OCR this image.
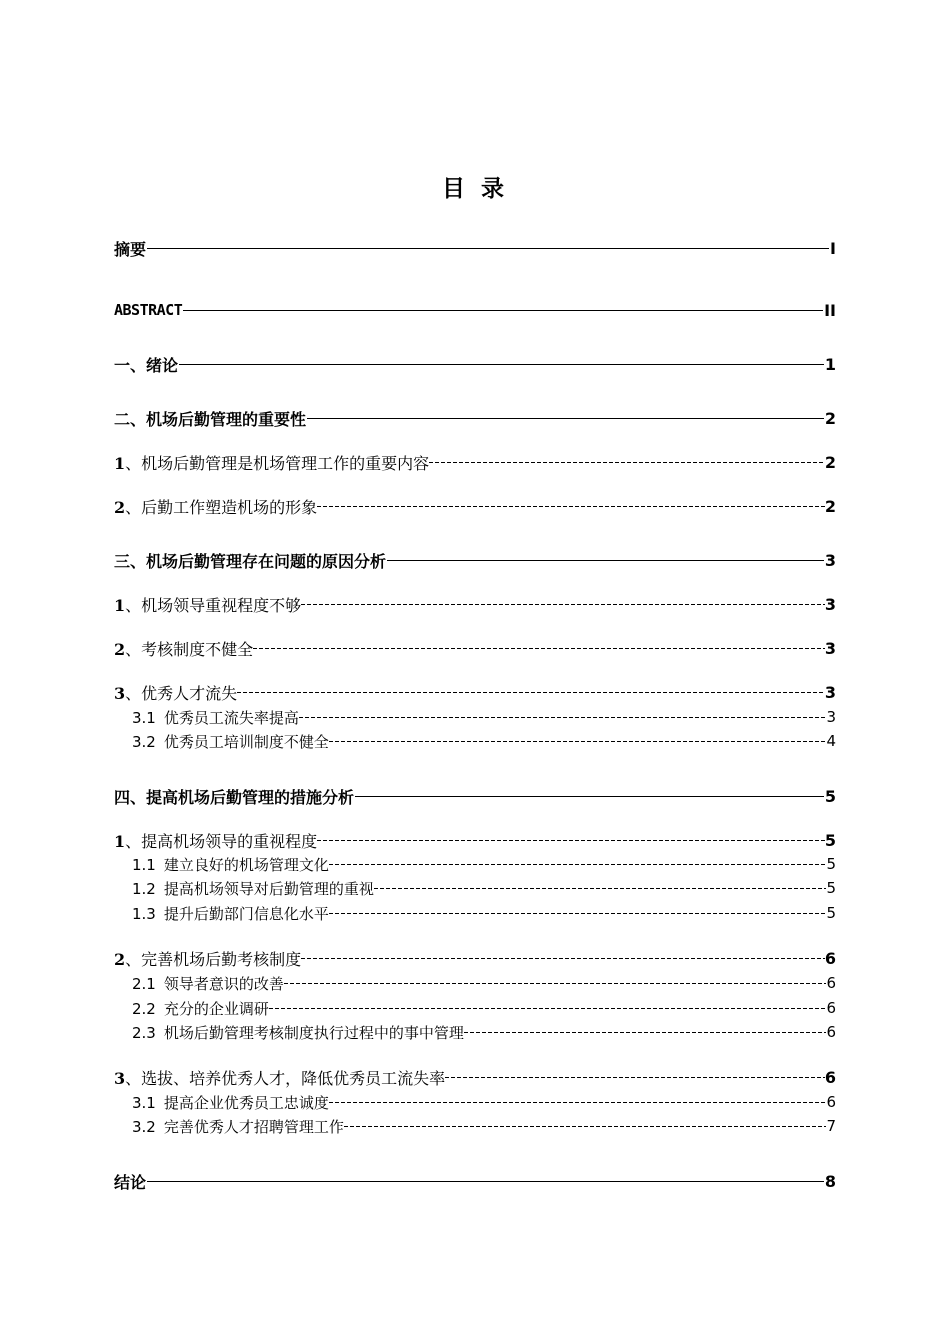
目 录
摘要	I
ABSTRACT	II
一、绪论	1
二、机场后勤管理的重要性	2
1、机场后勤管理是机场管理工作的重要内容	2
2、后勤工作塑造机场的形象	2
三、机场后勤管理存在问题的原因分析	3
1、机场领导重视程度不够	3
2、考核制度不健全	3
3、优秀人才流失	3
3.1 优秀员工流失率提高	3
3.2 优秀员工培训制度不健全	4
四、提高机场后勤管理的措施分析	5
1、提高机场领导的重视程度	5
1.1 建立良好的机场管理文化	5
1.2 提高机场领导对后勤管理的重视	5
1.3 提升后勤部门信息化水平	5
2、完善机场后勤考核制度	6
2.1 领导者意识的改善	6
2.2 充分的企业调研	6
2.3 机场后勤管理考核制度执行过程中的事中管理	6
3、选拔、培养优秀人才，降低优秀员工流失率	6
3.1 提高企业优秀员工忠诚度	6
3.2 完善优秀人才招聘管理工作	7
结论	8
